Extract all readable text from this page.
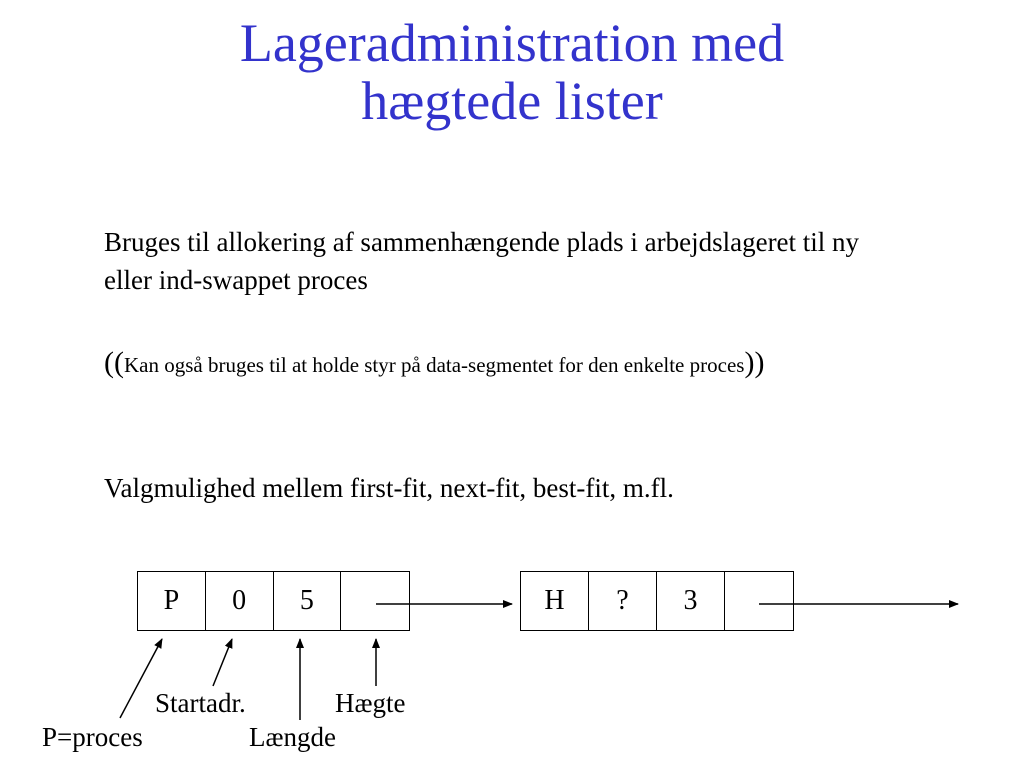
Lageradministration med
hægtede lister

Bruges til allokering af sammenhængende plads i arbejdslageret til ny eller ind-swappet proces

((Kan også bruges til at holde styr på data-segmentet for den enkelte proces))

Valgmulighed mellem first-fit, next-fit, best-fit, m.fl.

P	0	5	H	?	3
Startadr.	Hægte
P=proces	Længde
